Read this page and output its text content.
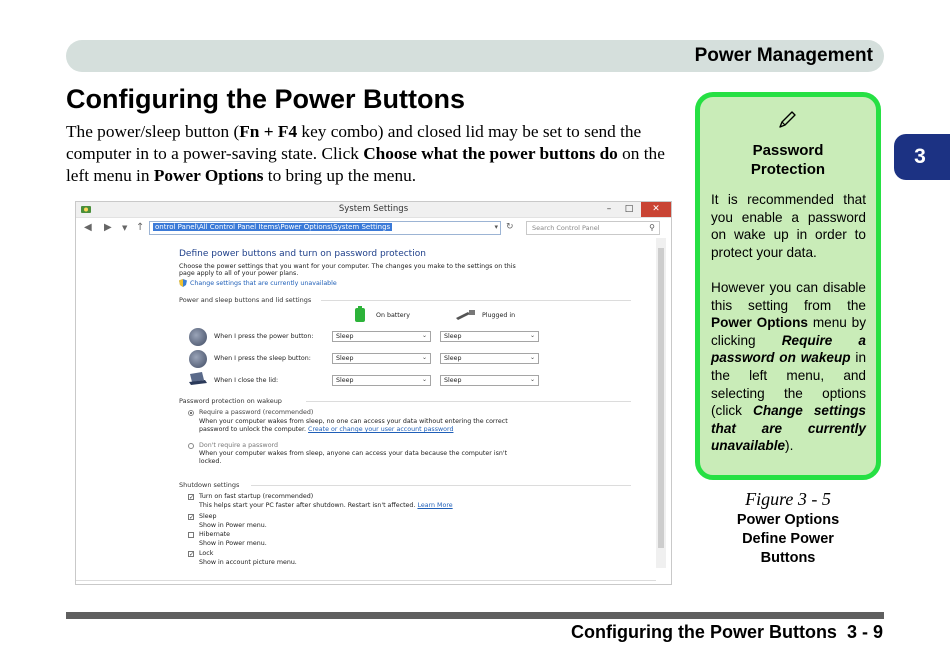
Power Management
3
Configuring the Power Buttons

The power/sleep button (Fn + F4 key combo) and closed lid may be set to send the computer in to a power-saving state. Click Choose what the power buttons do on the left menu in Power Options to bring up the menu.

System Settings	–	□	✕
◀ ▶ ▼ ↑ ontrol Panel\All Control Panel Items\Power Options\System Settings	▾ ↻	Search Control Panel	⚲
Define power buttons and turn on password protection
Choose the power settings that you want for your computer. The changes you make to the settings on this
page apply to all of your power plans.
Change settings that are currently unavailable
Power and sleep buttons and lid settings
On battery	Plugged in
When I press the power button:	Sleep	⌄	Sleep	⌄
When I press the sleep button:	Sleep	⌄	Sleep	⌄
When I close the lid:	Sleep	⌄	Sleep	⌄
Password protection on wakeup
Require a password (recommended)
When your computer wakes from sleep, no one can access your data without entering the correct
password to unlock the computer. Create or change your user account password
Don't require a password
When your computer wakes from sleep, anyone can access your data because the computer isn't
locked.
Shutdown settings
✓ Turn on fast startup (recommended)
This helps start your PC faster after shutdown. Restart isn't affected. Learn More
✓ Sleep
Show in Power menu.
Hibernate
Show in Power menu.
✓ Lock
Show in account picture menu.
Password
Protection

It is recommended that you enable a password on wake up in order to protect your data.

However you can disable this setting from the Power Options menu by clicking Require a password on wakeup in the left menu, and selecting the options (click Change settings that are currently unavailable).

Figure 3 - 5
Power Options
Define Power
Buttons
Configuring the Power Buttons 3 - 9
